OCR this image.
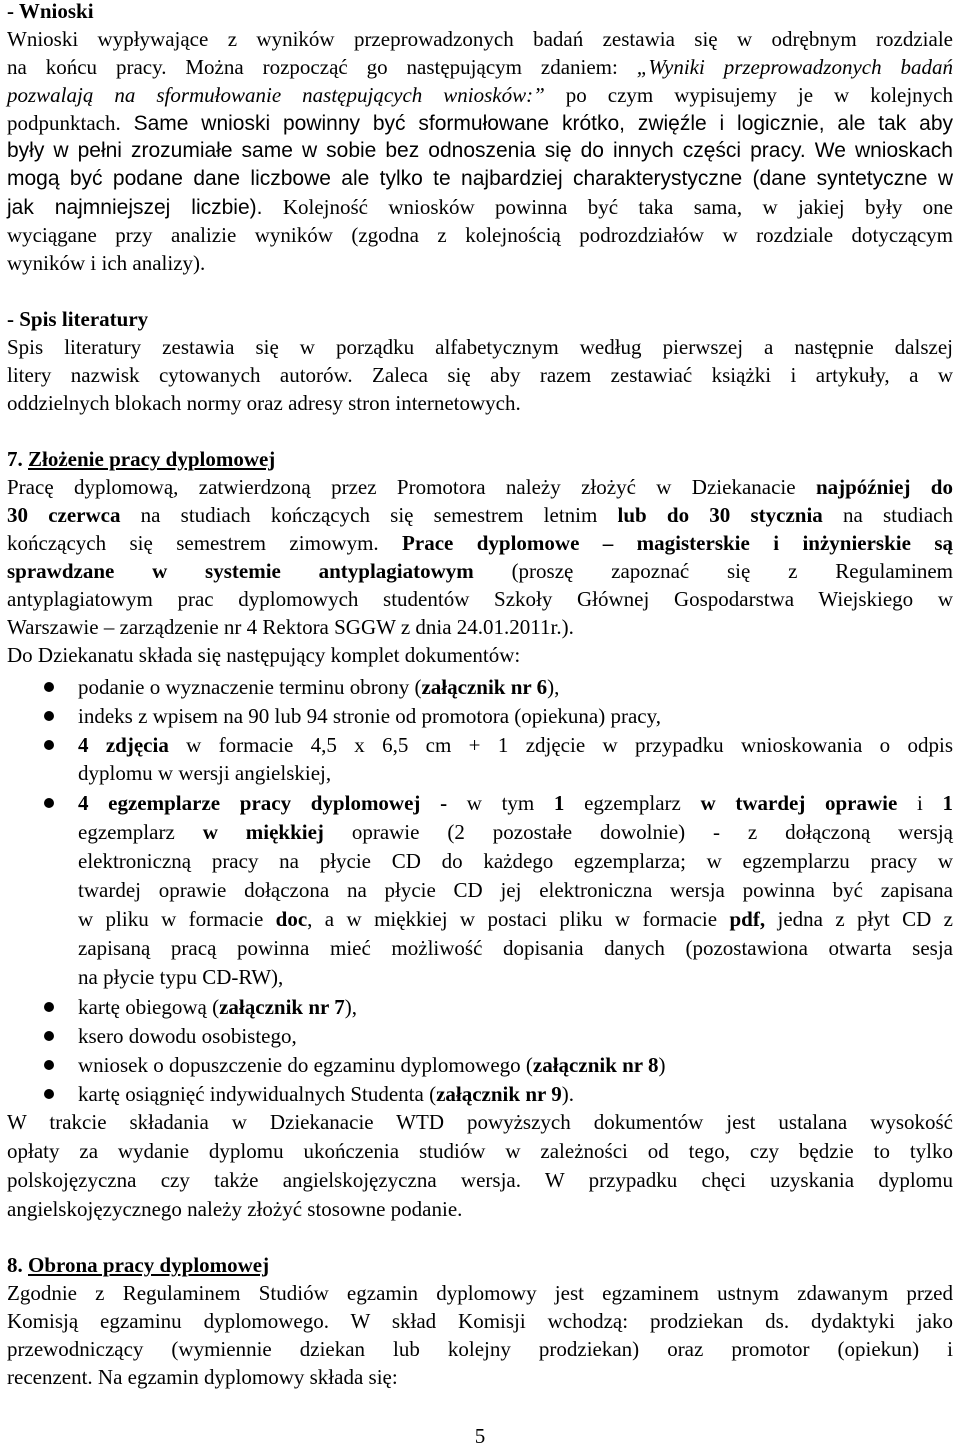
- Wnioski
Wnioski wypływające z wyników przeprowadzonych badań zestawia się w odrębnym rozdziale
na końcu pracy. Można rozpocząć go następującym zdaniem: „Wyniki przeprowadzonych badań
pozwalają na sformułowanie następujących wniosków:” po czym wypisujemy je w kolejnych
podpunktach. Same wnioski powinny być sformułowane krótko, zwięźle i logicznie, ale tak aby
były w pełni zrozumiałe same w sobie bez odnoszenia się do innych części pracy. We wnioskach
mogą być podane dane liczbowe ale tylko te najbardziej charakterystyczne (dane syntetyczne w
jak najmniejszej liczbie). Kolejność wniosków powinna być taka sama, w jakiej były one
wyciągane przy analizie wyników (zgodna z kolejnością podrozdziałów w rozdziale dotyczącym
wyników i ich analizy).
- Spis literatury
Spis literatury zestawia się w porządku alfabetycznym według pierwszej a następnie dalszej
litery nazwisk cytowanych autorów. Zaleca się aby razem zestawiać książki i artykuły, a w
oddzielnych blokach normy oraz adresy stron internetowych.
7. Złożenie pracy dyplomowej
Pracę dyplomową, zatwierdzoną przez Promotora należy złożyć w Dziekanacie najpóźniej do
30 czerwca na studiach kończących się semestrem letnim lub do 30 stycznia na studiach
kończących się semestrem zimowym. Prace dyplomowe – magisterskie i inżynierskie są
sprawdzane w systemie antyplagiatowym (proszę zapoznać się z Regulaminem
antyplagiatowym prac dyplomowych studentów Szkoły Głównej Gospodarstwa Wiejskiego w
Warszawie – zarządzenie nr 4 Rektora SGGW z dnia 24.01.2011r.).
Do Dziekanatu składa się następujący komplet dokumentów:
podanie o wyznaczenie terminu obrony (załącznik nr 6),
indeks z wpisem na 90 lub 94 stronie od promotora (opiekuna) pracy,
4 zdjęcia w formacie 4,5 x 6,5 cm + 1 zdjęcie w przypadku wnioskowania o odpis
dyplomu w wersji angielskiej,
4 egzemplarze pracy dyplomowej - w tym 1 egzemplarz w twardej oprawie i 1
egzemplarz w miękkiej oprawie (2 pozostałe dowolnie) - z dołączoną wersją
elektroniczną pracy na płycie CD do każdego egzemplarza; w egzemplarzu pracy w
twardej oprawie dołączona na płycie CD jej elektroniczna wersja powinna być zapisana
w pliku w formacie doc, a w miękkiej w postaci pliku w formacie pdf, jedna z płyt CD z
zapisaną pracą powinna mieć możliwość dopisania danych (pozostawiona otwarta sesja
na płycie typu CD-RW),
kartę obiegową (załącznik nr 7),
ksero dowodu osobistego,
wniosek o dopuszczenie do egzaminu dyplomowego (załącznik nr 8)
kartę osiągnięć indywidualnych Studenta (załącznik nr 9).
W trakcie składania w Dziekanacie WTD powyższych dokumentów jest ustalana wysokość
opłaty za wydanie dyplomu ukończenia studiów w zależności od tego, czy będzie to tylko
polskojęzyczna czy także angielskojęzyczna wersja. W przypadku chęci uzyskania dyplomu
angielskojęzycznego należy złożyć stosowne podanie.
8. Obrona pracy dyplomowej
Zgodnie z Regulaminem Studiów egzamin dyplomowy jest egzaminem ustnym zdawanym przed
Komisją egzaminu dyplomowego. W skład Komisji wchodzą: prodziekan ds. dydaktyki jako
przewodniczący (wymiennie dziekan lub kolejny prodziekan) oraz promotor (opiekun) i
recenzent. Na egzamin dyplomowy składa się:
5
